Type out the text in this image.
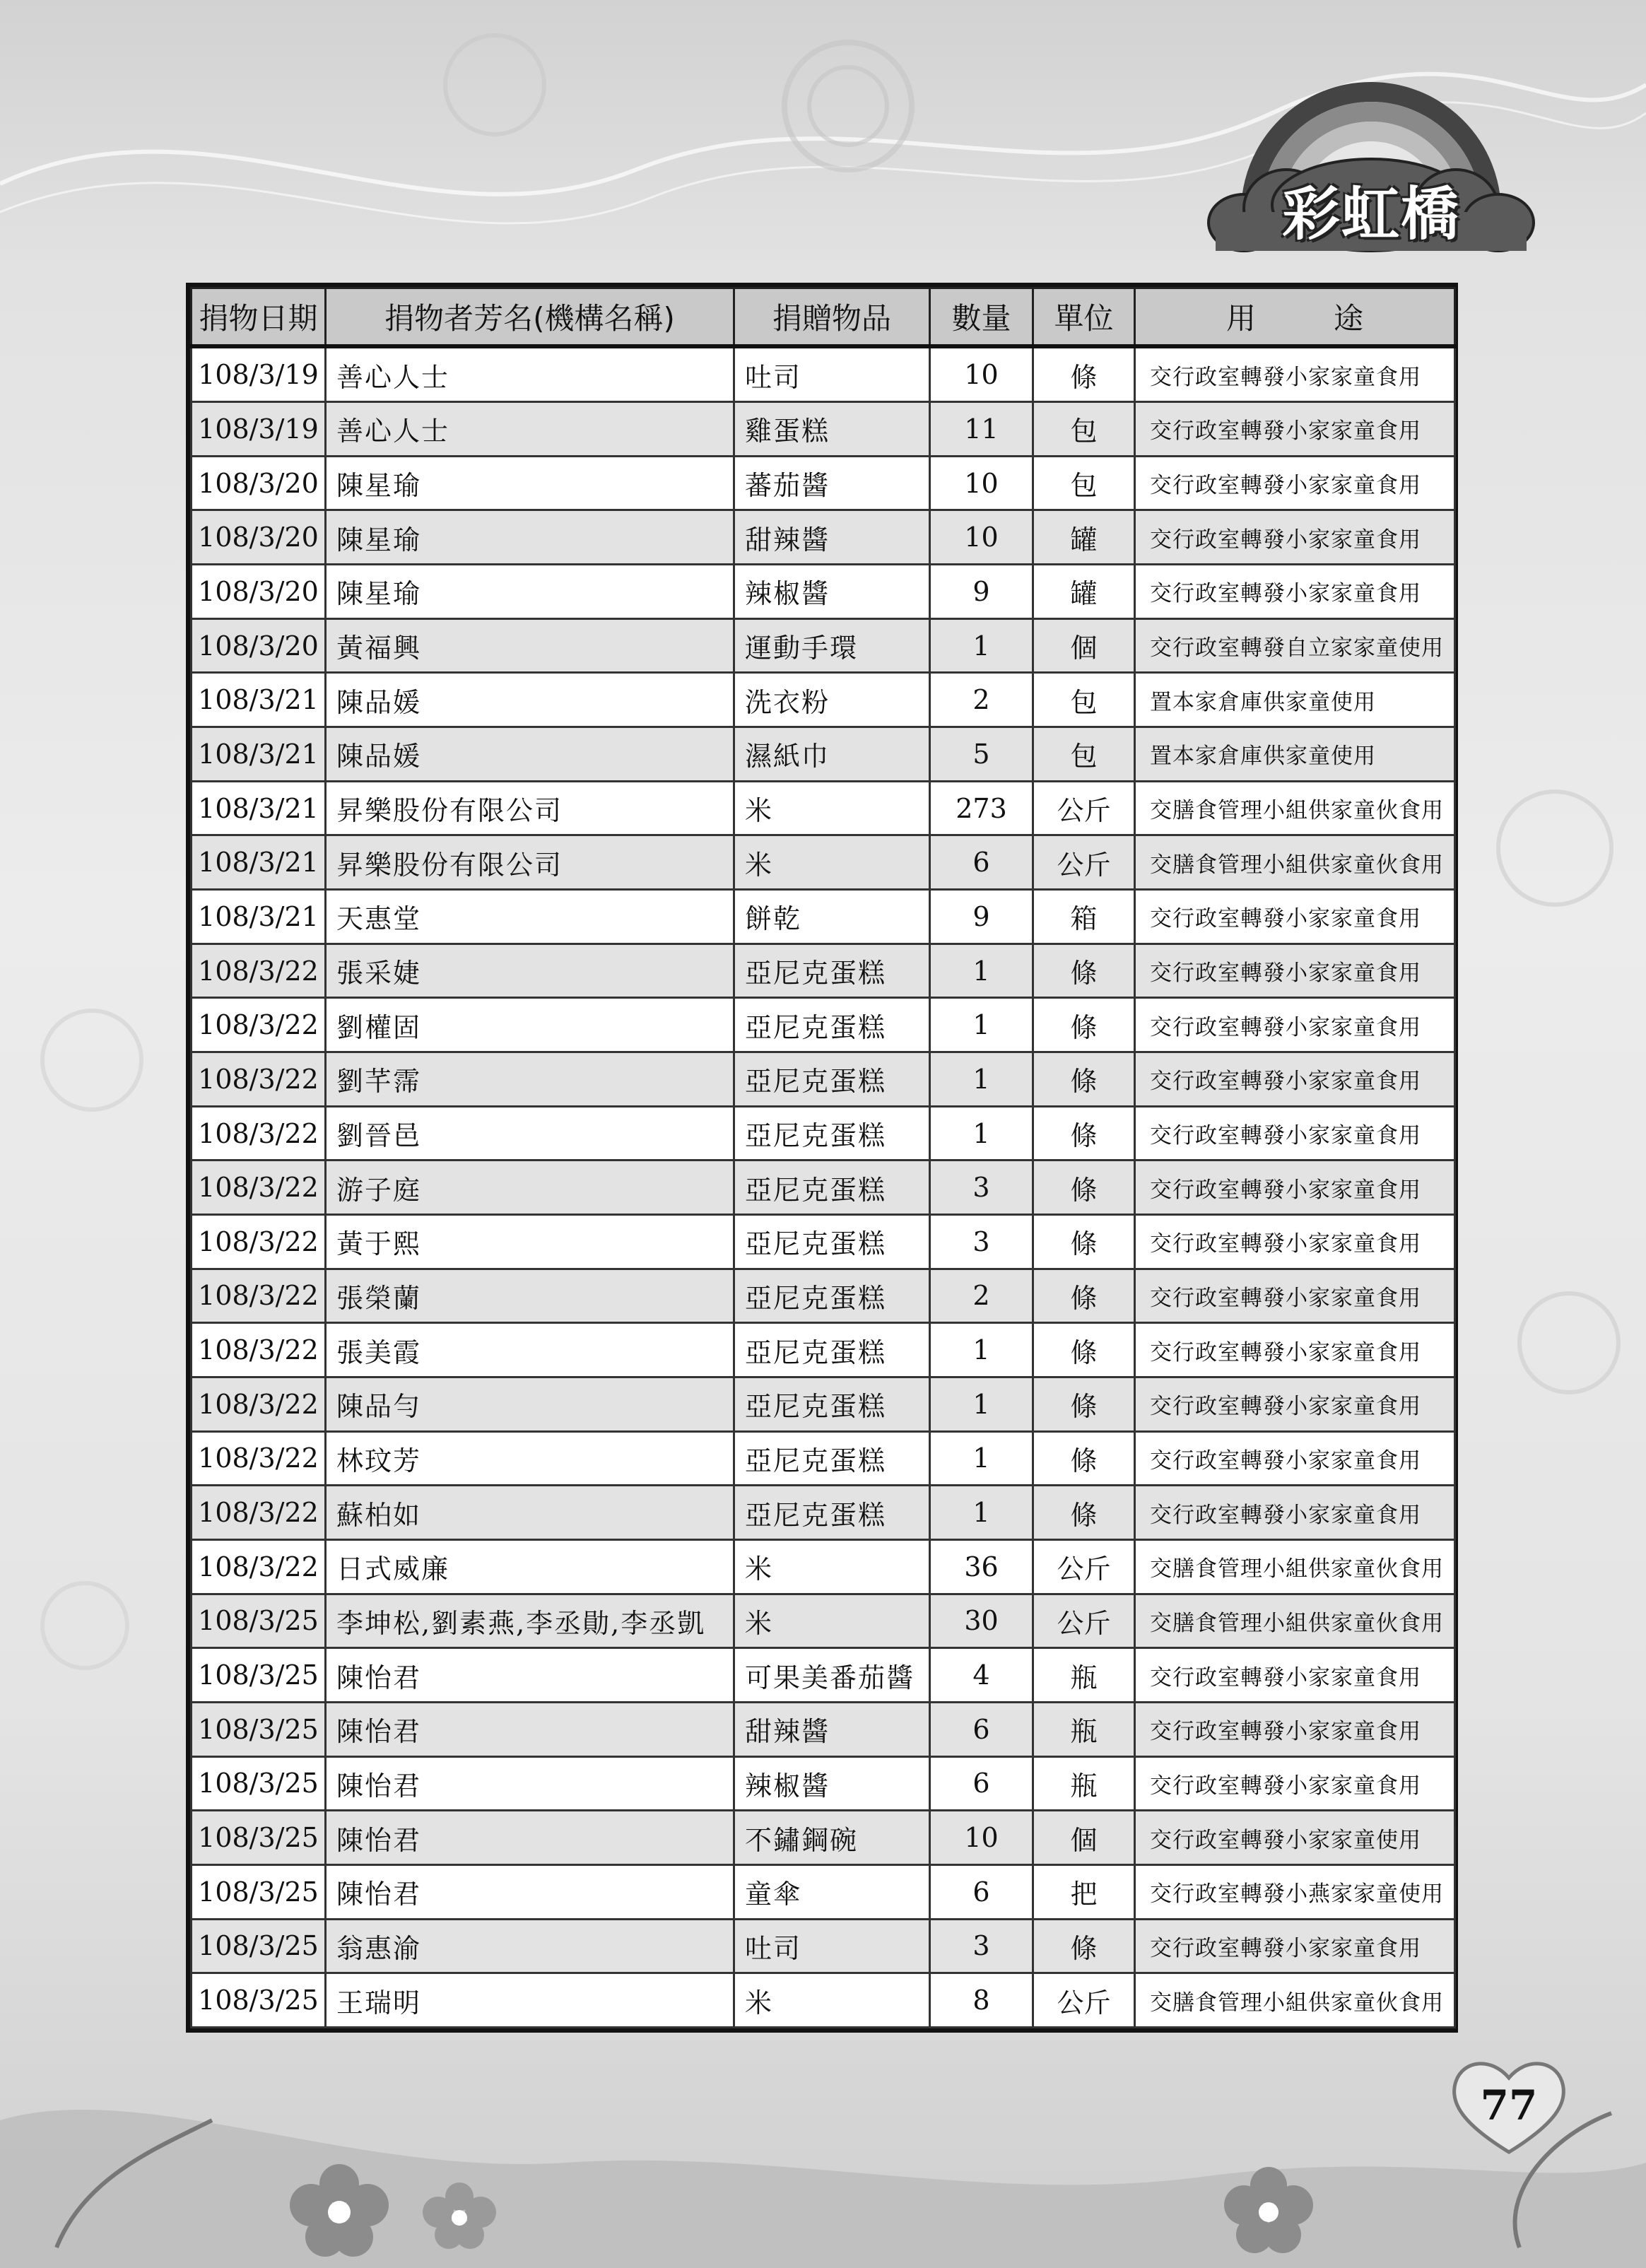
彩虹橋
捐物日期	捐物者芳名(機構名稱)	捐贈物品	數量	單位	用途
108/3/19	善心人士	吐司	10	條	交行政室轉發小家家童食用
108/3/19	善心人士	雞蛋糕	11	包	交行政室轉發小家家童食用
108/3/20	陳星瑜	蕃茄醬	10	包	交行政室轉發小家家童食用
108/3/20	陳星瑜	甜辣醬	10	罐	交行政室轉發小家家童食用
108/3/20	陳星瑜	辣椒醬	9	罐	交行政室轉發小家家童食用
108/3/20	黃福興	運動手環	1	個	交行政室轉發自立家家童使用
108/3/21	陳品媛	洗衣粉	2	包	置本家倉庫供家童使用
108/3/21	陳品媛	濕紙巾	5	包	置本家倉庫供家童使用
108/3/21	昇樂股份有限公司	米	273	公斤	交膳食管理小組供家童伙食用
108/3/21	昇樂股份有限公司	米	6	公斤	交膳食管理小組供家童伙食用
108/3/21	天惠堂	餅乾	9	箱	交行政室轉發小家家童食用
108/3/22	張采婕	亞尼克蛋糕	1	條	交行政室轉發小家家童食用
108/3/22	劉權固	亞尼克蛋糕	1	條	交行政室轉發小家家童食用
108/3/22	劉芊霈	亞尼克蛋糕	1	條	交行政室轉發小家家童食用
108/3/22	劉晉邑	亞尼克蛋糕	1	條	交行政室轉發小家家童食用
108/3/22	游子庭	亞尼克蛋糕	3	條	交行政室轉發小家家童食用
108/3/22	黃于熙	亞尼克蛋糕	3	條	交行政室轉發小家家童食用
108/3/22	張榮蘭	亞尼克蛋糕	2	條	交行政室轉發小家家童食用
108/3/22	張美霞	亞尼克蛋糕	1	條	交行政室轉發小家家童食用
108/3/22	陳品勻	亞尼克蛋糕	1	條	交行政室轉發小家家童食用
108/3/22	林玟芳	亞尼克蛋糕	1	條	交行政室轉發小家家童食用
108/3/22	蘇柏如	亞尼克蛋糕	1	條	交行政室轉發小家家童食用
108/3/22	日式威廉	米	36	公斤	交膳食管理小組供家童伙食用
108/3/25	李坤松,劉素燕,李丞勛,李丞凱	米	30	公斤	交膳食管理小組供家童伙食用
108/3/25	陳怡君	可果美番茄醬	4	瓶	交行政室轉發小家家童食用
108/3/25	陳怡君	甜辣醬	6	瓶	交行政室轉發小家家童食用
108/3/25	陳怡君	辣椒醬	6	瓶	交行政室轉發小家家童食用
108/3/25	陳怡君	不鏽鋼碗	10	個	交行政室轉發小家家童使用
108/3/25	陳怡君	童傘	6	把	交行政室轉發小燕家家童使用
108/3/25	翁惠渝	吐司	3	條	交行政室轉發小家家童食用
108/3/25	王瑞明	米	8	公斤	交膳食管理小組供家童伙食用
77
